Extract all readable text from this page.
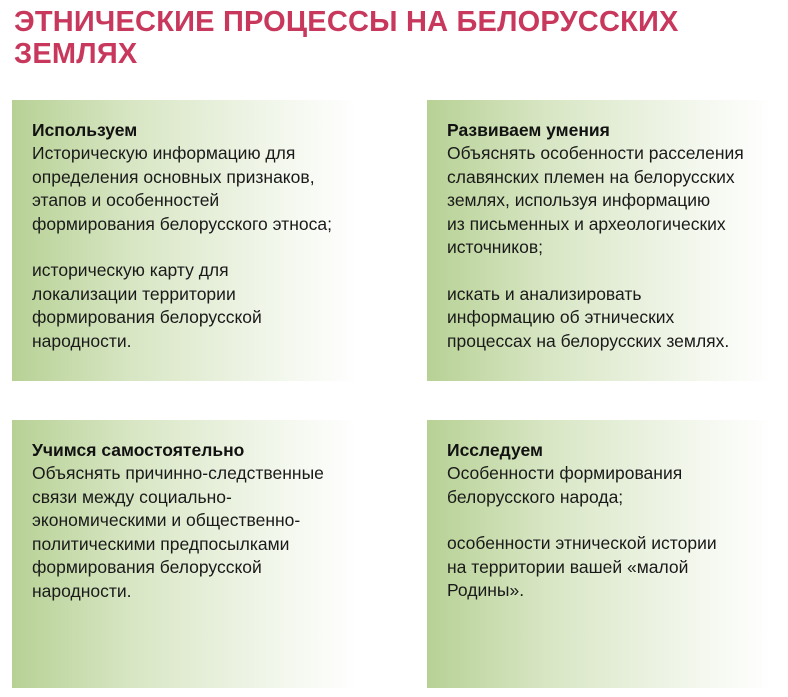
ЭТНИЧЕСКИЕ ПРОЦЕССЫ НА БЕЛОРУССКИХ
ЗЕМЛЯХ
Используем
Историческую информацию для
определения основных признаков,
этапов и особенностей
формирования белорусского этноса;
историческую карту для
локализации территории
формирования белорусской
народности.
Развиваем умения
Объяснять особенности расселения
славянских племен на белорусских
землях, используя информацию
из письменных и археологических
источников;
искать и анализировать
информацию об этнических
процессах на белорусских землях.
Учимся самостоятельно
Объяснять причинно-следственные
связи между социально-
экономическими и общественно-
политическими предпосылками
формирования белорусской
народности.
Исследуем
Особенности формирования
белорусского народа;
особенности этнической истории
на территории вашей «малой
Родины».
